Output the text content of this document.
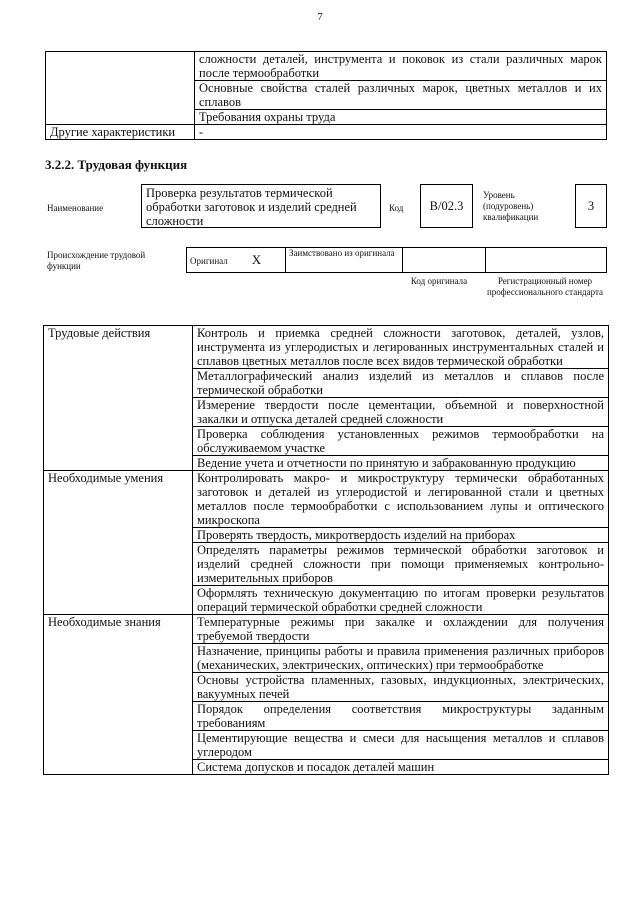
7
	сложности деталей, инструмента и поковок из стали различных марок после термообработки
	Основные свойства сталей различных марок, цветных металлов и их сплавов
	Требования охраны труда
Другие характеристики	-
3.2.2. Трудовая функция
Наименование
Проверка результатов термической обработки заготовок и изделий средней сложности
Код	B/02.3
Уровень (подуровень) квалификации
3
Происхождение трудовой функции
Оригинал X	Заимствовано из оригинала		
Код оригинала	Регистрационный номер профессионального стандарта
Трудовые действия	Контроль и приемка средней сложности заготовок, деталей, узлов, инструмента из углеродистых и легированных инструментальных сталей и сплавов цветных металлов после всех видов термической обработки
	Металлографический анализ изделий из металлов и сплавов после термической обработки
	Измерение твердости после цементации, объемной и поверхностной закалки и отпуска деталей средней сложности
	Проверка соблюдения установленных режимов термообработки на обслуживаемом участке
	Ведение учета и отчетности по принятую и забракованную продукцию
Необходимые умения	Контролировать макро- и микроструктуру термически обработанных заготовок и деталей из углеродистой и легированной стали и цветных металлов после термообработки с использованием лупы и оптического микроскопа
	Проверять твердость, микротвердость изделий на приборах
	Определять параметры режимов термической обработки заготовок и изделий средней сложности при помощи применяемых контрольно-измерительных приборов
	Оформлять техническую документацию по итогам проверки результатов операций термической обработки средней сложности
Необходимые знания	Температурные режимы при закалке и охлаждении для получения требуемой твердости
	Назначение, принципы работы и правила применения различных приборов (механических, электрических, оптических) при термообработке
	Основы устройства пламенных, газовых, индукционных, электрических, вакуумных печей
	Порядок определения соответствия микроструктуры заданным требованиям
	Цементирующие вещества и смеси для насыщения металлов и сплавов углеродом
	Система допусков и посадок деталей машин
